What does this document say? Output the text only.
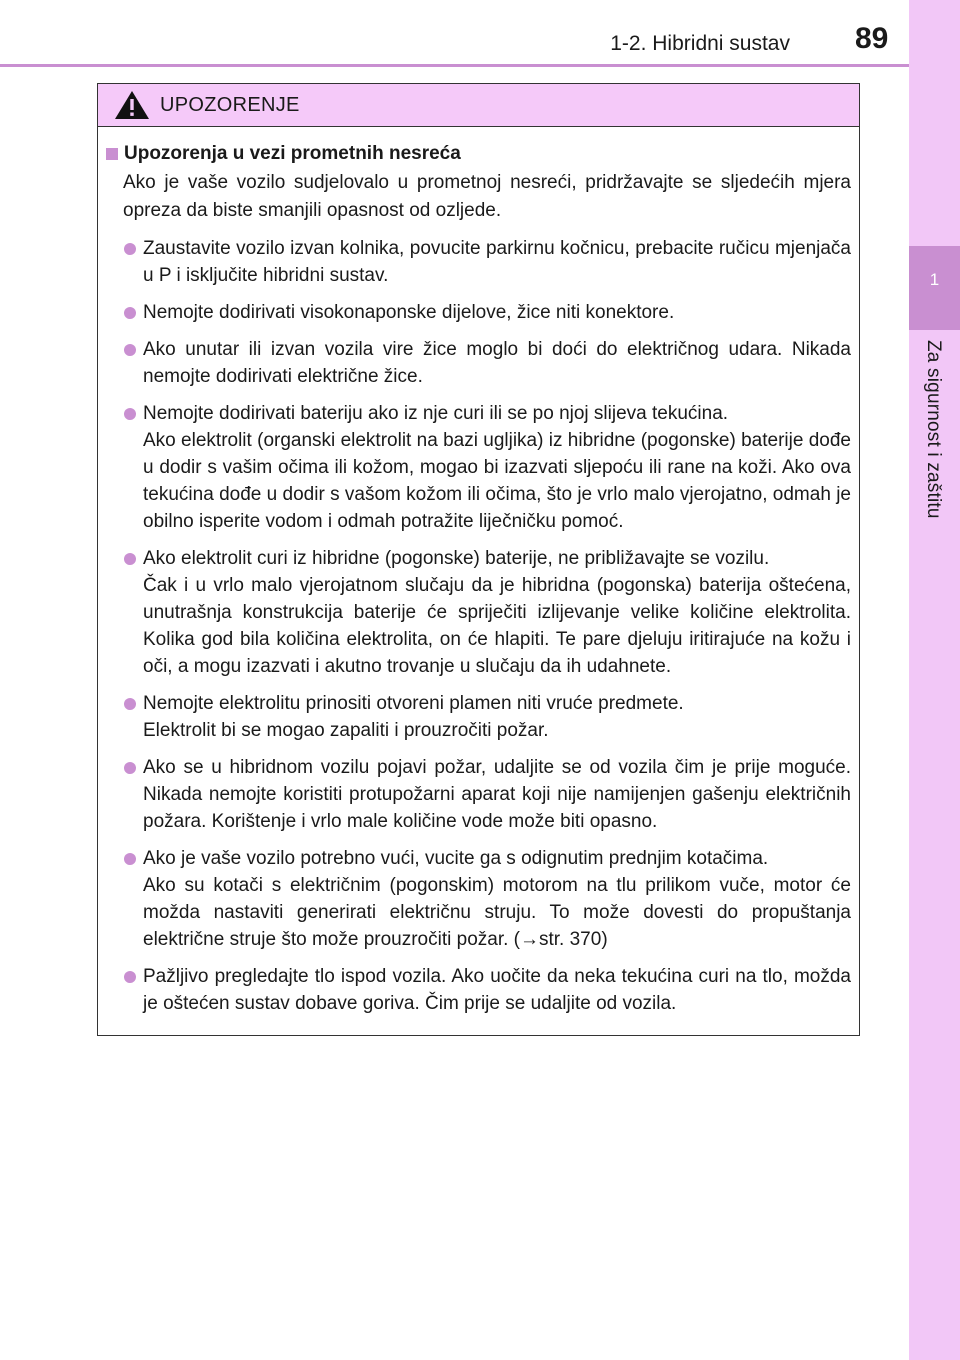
1
Za sigurnost i zaštitu
1-2. Hibridni sustav 89
UPOZORENJE
Upozorenja u vezi prometnih nesreća

Ako je vaše vozilo sudjelovalo u prometnoj nesreći, pridržavajte se sljedećih mjera opreza da biste smanjili opasnost od ozljede.

Zaustavite vozilo izvan kolnika, povucite parkirnu kočnicu, prebacite ručicu mjenjača u P i isključite hibridni sustav.

Nemojte dodirivati visokonaponske dijelove, žice niti konektore.

Ako unutar ili izvan vozila vire žice moglo bi doći do električnog udara. Nikada nemojte dodirivati električne žice.

Nemojte dodirivati bateriju ako iz nje curi ili se po njoj slijeva tekućina.

Ako elektrolit (organski elektrolit na bazi ugljika) iz hibridne (pogonske) baterije dođe u dodir s vašim očima ili kožom, mogao bi izazvati sljepoću ili rane na koži. Ako ova tekućina dođe u dodir s vašom kožom ili očima, što je vrlo malo vjerojatno, odmah je obilno isperite vodom i odmah potražite liječničku pomoć.

Ako elektrolit curi iz hibridne (pogonske) baterije, ne približavajte se vozilu.

Čak i u vrlo malo vjerojatnom slučaju da je hibridna (pogonska) baterija oštećena, unutrašnja konstrukcija baterije će spriječiti izlijevanje velike količine elektrolita. Kolika god bila količina elektrolita, on će hlapiti. Te pare djeluju iritirajuće na kožu i oči, a mogu izazvati i akutno trovanje u slučaju da ih udahnete.

Nemojte elektrolitu prinositi otvoreni plamen niti vruće predmete.

Elektrolit bi se mogao zapaliti i prouzročiti požar.

Ako se u hibridnom vozilu pojavi požar, udaljite se od vozila čim je prije moguće. Nikada nemojte koristiti protupožarni aparat koji nije namijenjen gašenju električnih požara. Korištenje i vrlo male količine vode može biti opasno.

Ako je vaše vozilo potrebno vući, vucite ga s odignutim prednjim kotačima.

Ako su kotači s električnim (pogonskim) motorom na tlu prilikom vuče, motor će možda nastaviti generirati električnu struju. To može dovesti do propuštanja električne struje što može prouzročiti požar. (→str. 370)

Pažljivo pregledajte tlo ispod vozila. Ako uočite da neka tekućina curi na tlo, možda je oštećen sustav dobave goriva. Čim prije se udaljite od vozila.
